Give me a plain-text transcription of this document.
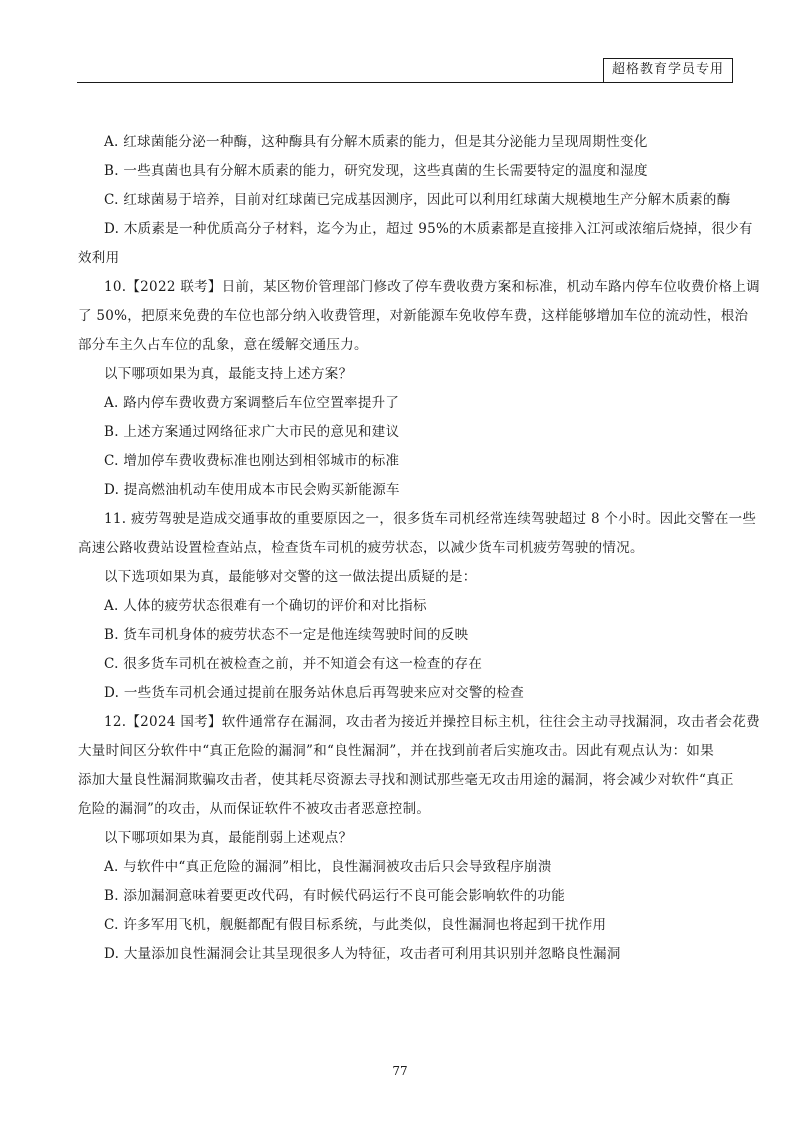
超格教育学员专用
A. 红球菌能分泌一种酶，这种酶具有分解木质素的能力，但是其分泌能力呈现周期性变化
B. 一些真菌也具有分解木质素的能力，研究发现，这些真菌的生长需要特定的温度和湿度
C. 红球菌易于培养，目前对红球菌已完成基因测序，因此可以利用红球菌大规模地生产分解木质素的酶
D. 木质素是一种优质高分子材料，迄今为止，超过 95%的木质素都是直接排入江河或浓缩后烧掉，很少有
效利用
10.【2022 联考】日前，某区物价管理部门修改了停车费收费方案和标准，机动车路内停车位收费价格上调
了 50%，把原来免费的车位也部分纳入收费管理，对新能源车免收停车费，这样能够增加车位的流动性，根治
部分车主久占车位的乱象，意在缓解交通压力。
以下哪项如果为真，最能支持上述方案？
A. 路内停车费收费方案调整后车位空置率提升了
B. 上述方案通过网络征求广大市民的意见和建议
C. 增加停车费收费标准也刚达到相邻城市的标准
D. 提高燃油机动车使用成本市民会购买新能源车
11. 疲劳驾驶是造成交通事故的重要原因之一，很多货车司机经常连续驾驶超过 8 个小时。因此交警在一些
高速公路收费站设置检查站点，检查货车司机的疲劳状态，以减少货车司机疲劳驾驶的情况。
以下选项如果为真，最能够对交警的这一做法提出质疑的是：
A. 人体的疲劳状态很难有一个确切的评价和对比指标
B. 货车司机身体的疲劳状态不一定是他连续驾驶时间的反映
C. 很多货车司机在被检查之前，并不知道会有这一检查的存在
D. 一些货车司机会通过提前在服务站休息后再驾驶来应对交警的检查
12.【2024 国考】软件通常存在漏洞，攻击者为接近并操控目标主机，往往会主动寻找漏洞，攻击者会花费
大量时间区分软件中“真正危险的漏洞”和“良性漏洞”，并在找到前者后实施攻击。因此有观点认为：如果
添加大量良性漏洞欺骗攻击者，使其耗尽资源去寻找和测试那些毫无攻击用途的漏洞，将会减少对软件“真正
危险的漏洞”的攻击，从而保证软件不被攻击者恶意控制。
以下哪项如果为真，最能削弱上述观点？
A. 与软件中“真正危险的漏洞”相比，良性漏洞被攻击后只会导致程序崩溃
B. 添加漏洞意味着要更改代码，有时候代码运行不良可能会影响软件的功能
C. 许多军用飞机，舰艇都配有假目标系统，与此类似，良性漏洞也将起到干扰作用
D. 大量添加良性漏洞会让其呈现很多人为特征，攻击者可利用其识别并忽略良性漏洞
77
